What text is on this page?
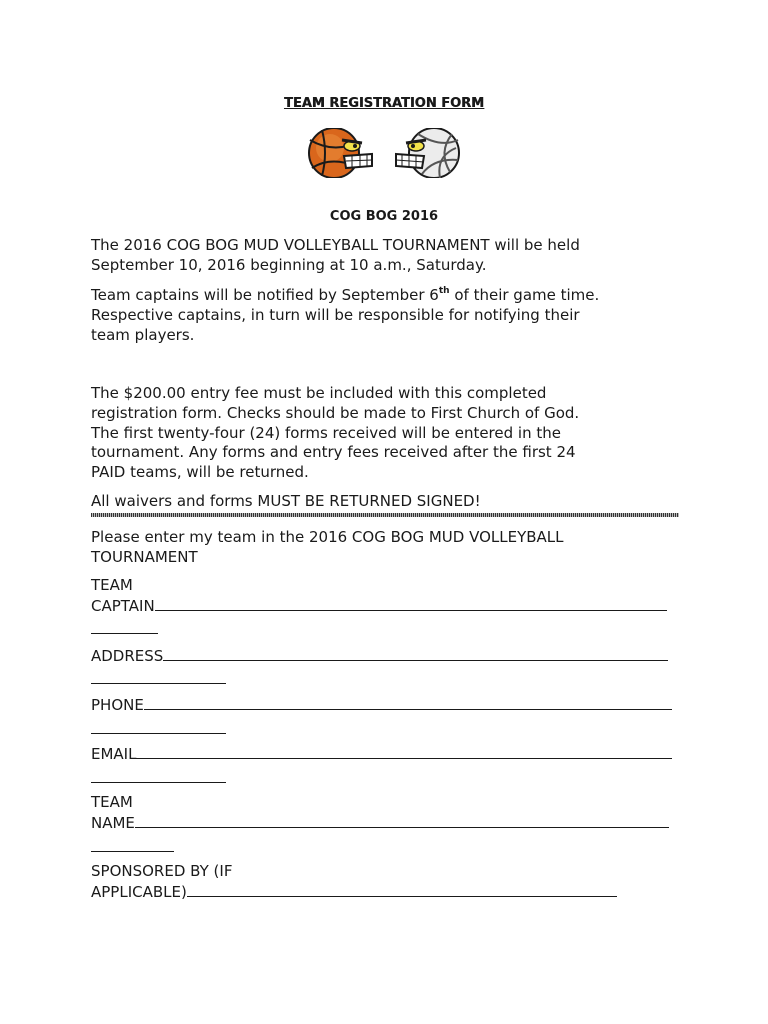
TEAM REGISTRATION FORM
COG BOG 2016

The 2016 COG BOG MUD VOLLEYBALL TOURNAMENT will be held
September 10, 2016 beginning at 10 a.m., Saturday.

Team captains will be notified by September 6th of their game time.
Respective captains, in turn will be responsible for notifying their
team players.

The $200.00 entry fee must be included with this completed
registration form. Checks should be made to First Church of God.
The first twenty-four (24) forms received will be entered in the
tournament. Any forms and entry fees received after the first 24
PAID teams, will be returned.

All waivers and forms MUST BE RETURNED SIGNED!

Please enter my team in the 2016 COG BOG MUD VOLLEYBALL
TOURNAMENT

TEAM
CAPTAIN
ADDRESS
PHONE
EMAIL
TEAM
NAME
SPONSORED BY (IF
APPLICABLE)
